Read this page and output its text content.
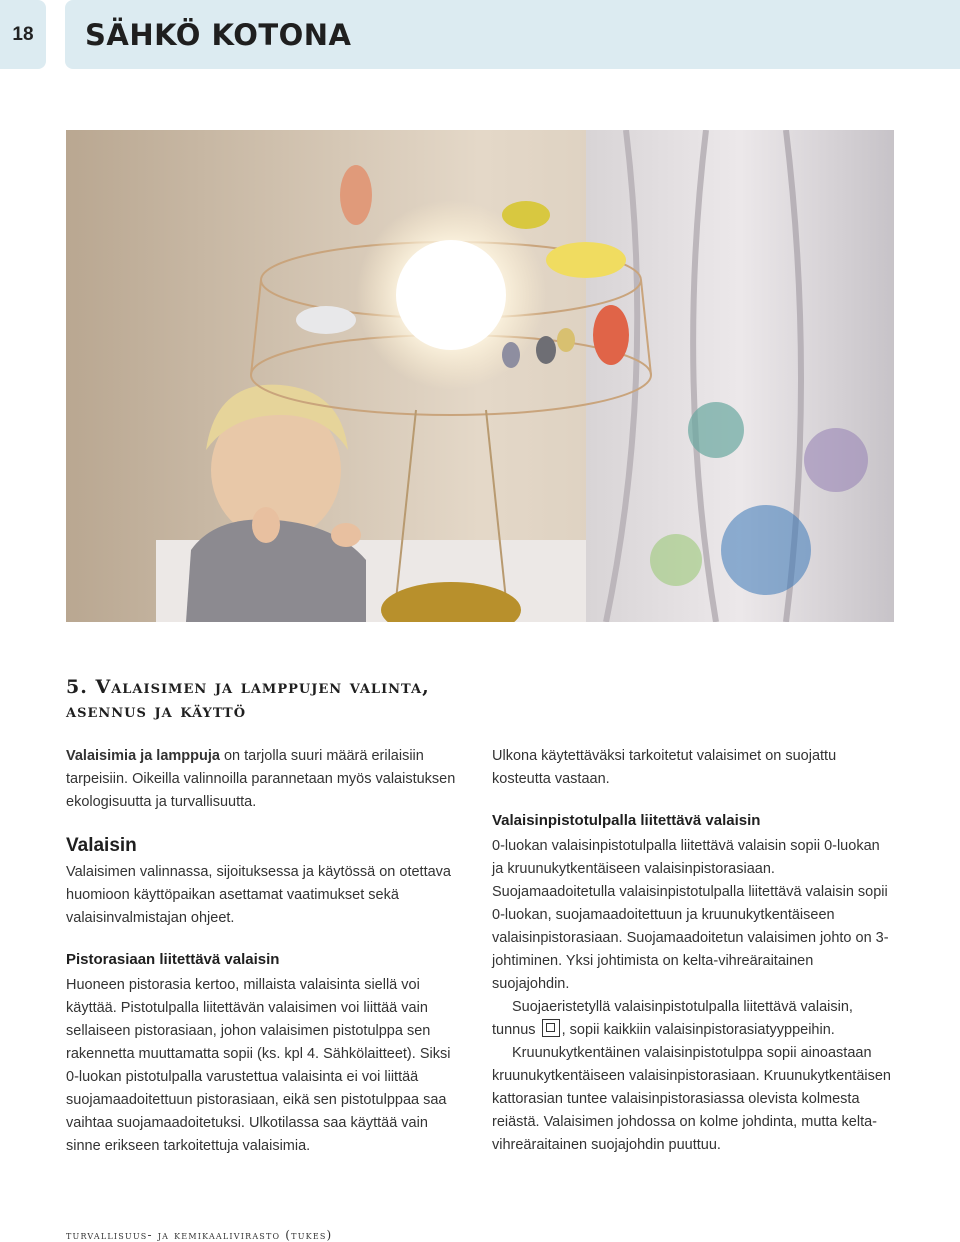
18	SÄHKÖ KOTONA
5. Valaisimen ja lamppujen valinta,
asennus ja käyttö

Valaisimia ja lamppuja on tarjolla suuri määrä erilaisiin tarpeisiin. Oikeilla valinnoilla parannetaan myös valaistuksen ekologisuutta ja turvallisuutta.

Valaisin

Valaisimen valinnassa, sijoituksessa ja käytössä on otettava huomioon käyttöpaikan asettamat vaatimukset sekä valaisinvalmistajan ohjeet.

Pistorasiaan liitettävä valaisin

Huoneen pistorasia kertoo, millaista valaisinta siellä voi käyttää. Pistotulpalla liitettävän valaisimen voi liittää vain sellaiseen pistorasiaan, johon valaisimen pistotulppa sen rakennetta muuttamatta sopii (ks. kpl 4. Sähkölaitteet). Siksi 0-luokan pistotulpalla varustettua valaisinta ei voi liittää suojamaadoitettuun pistorasiaan, eikä sen pistotulppaa saa vaihtaa suojamaadoitetuksi. Ulkotilassa saa käyttää vain sinne erikseen tarkoitettuja valaisimia.

Ulkona käytettäväksi tarkoitetut valaisimet on suojattu kosteutta vastaan.

Valaisinpistotulpalla liitettävä valaisin

0-luokan valaisinpistotulpalla liitettävä valaisin sopii 0-luokan ja kruunukytkentäiseen valaisinpistorasiaan. Suojamaadoitetulla valaisinpistotulpalla liitettävä valaisin sopii 0-luokan, suojamaadoitettuun ja kruunukytkentäiseen valaisinpistorasiaan. Suojamaadoitetun valaisimen johto on 3-johtiminen. Yksi johtimista on kelta-vihreäraitainen suojajohdin.

Suojaeristetyllä valaisinpistotulpalla liitettävä valaisin, tunnus , sopii kaikkiin valaisinpistorasiatyyppeihin.

Kruunukytkentäinen valaisinpistotulppa sopii ainoastaan kruunukytkentäiseen valaisinpistorasiaan. Kruunukytkentäisen kattorasian tuntee valaisinpistorasiassa olevista kolmesta reiästä. Valaisimen johdossa on kolme johdinta, mutta kelta-vihreäraitainen suojajohdin puuttuu.

turvallisuus- ja kemikaalivirasto (tukes)
